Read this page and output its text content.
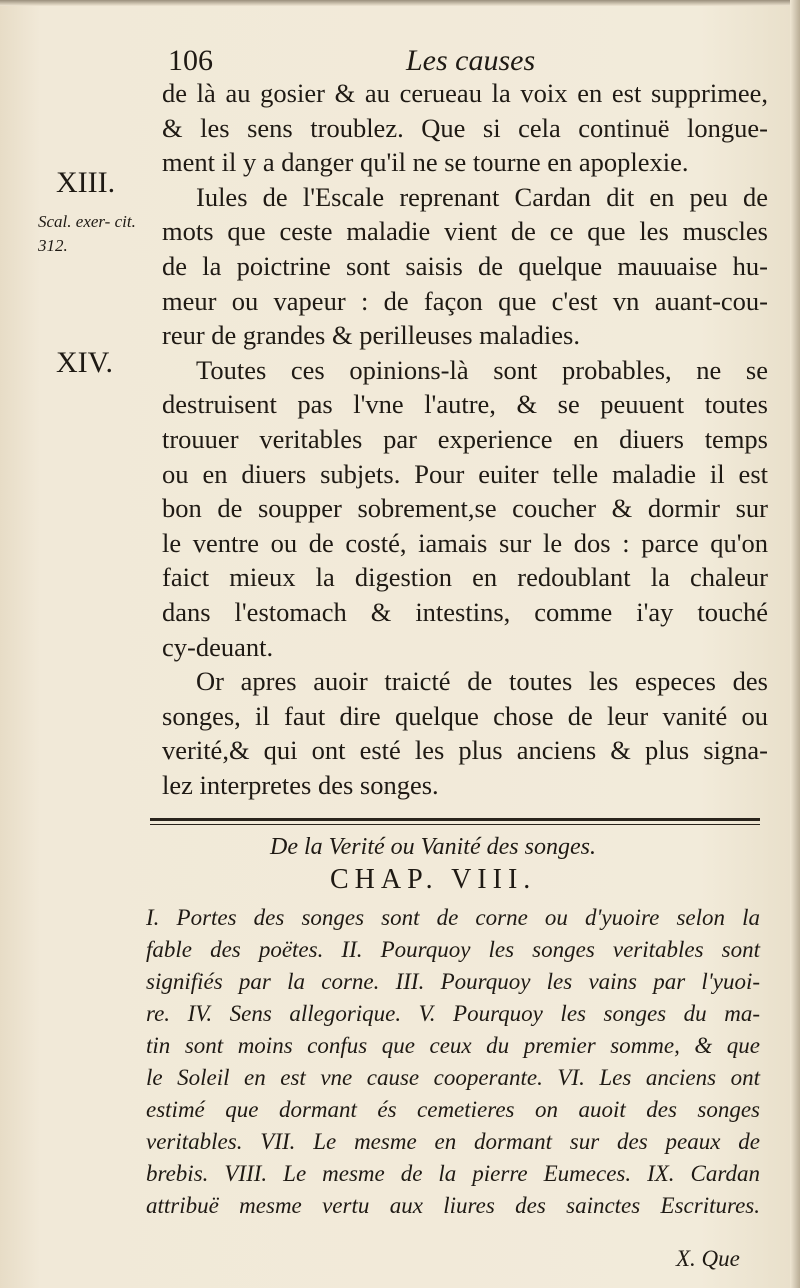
106	Les causes
XIII.
Scal. exer- cit. 312.
XIV.
de là au gosier & au cerueau la voix en est supprimee,
& les sens troublez. Que si cela continuë longue-
ment il y a danger qu'il ne se tourne en apoplexie.
Iules de l'Escale reprenant Cardan dit en peu de
mots que ceste maladie vient de ce que les muscles
de la poictrine sont saisis de quelque mauuaise hu-
meur ou vapeur : de façon que c'est vn auant-cou-
reur de grandes & perilleuses maladies.
Toutes ces opinions-là sont probables, ne se
destruisent pas l'vne l'autre, & se peuuent toutes
trouuer veritables par experience en diuers temps
ou en diuers subjets. Pour euiter telle maladie il est
bon de soupper sobrement,se coucher & dormir sur
le ventre ou de costé, iamais sur le dos : parce qu'on
faict mieux la digestion en redoublant la chaleur
dans l'estomach & intestins, comme i'ay touché
cy-deuant.
Or apres auoir traicté de toutes les especes des
songes, il faut dire quelque chose de leur vanité ou
verité,& qui ont esté les plus anciens & plus signa-
lez interpretes des songes.
De la Verité ou Vanité des songes.
CHAP. VIII.
I. Portes des songes sont de corne ou d'yuoire selon la
fable des poëtes. II. Pourquoy les songes veritables sont
signifiés par la corne. III. Pourquoy les vains par l'yuoi-
re. IV. Sens allegorique. V. Pourquoy les songes du ma-
tin sont moins confus que ceux du premier somme, & que
le Soleil en est vne cause cooperante. VI. Les anciens ont
estimé que dormant és cemetieres on auoit des songes
veritables. VII. Le mesme en dormant sur des peaux de
brebis. VIII. Le mesme de la pierre Eumeces. IX. Cardan
attribuë mesme vertu aux liures des sainctes Escritures.
X. Que
